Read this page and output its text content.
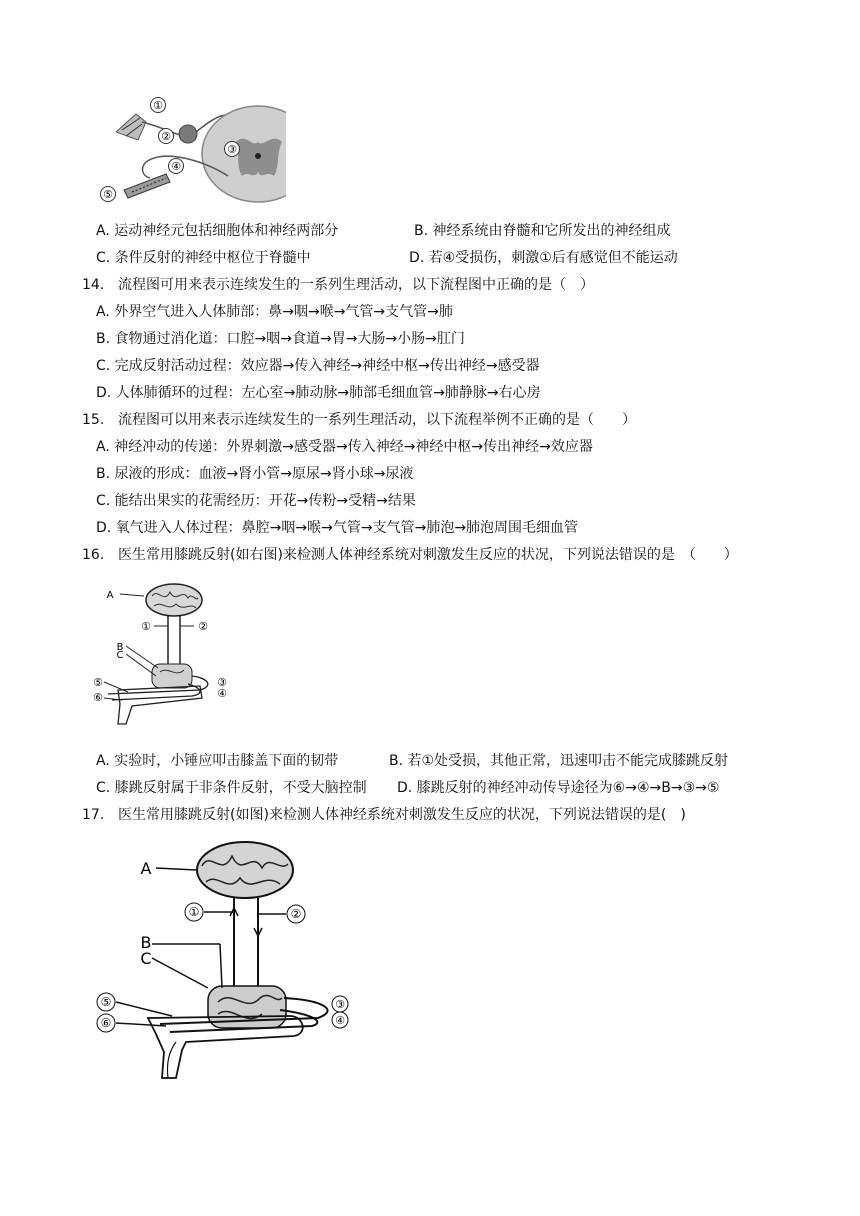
①
②
③
④
⑤
A. 运动神经元包括细胞体和神经两部分	B. 神经系统由脊髓和它所发出的神经组成
C. 条件反射的神经中枢位于脊髓中	D. 若④受损伤，刺激①后有感觉但不能运动
14. 流程图可用来表示连续发生的一系列生理活动，以下流程图中正确的是（　）
A. 外界空气进入人体肺部：鼻→咽→喉→气管→支气管→肺
B. 食物通过消化道：口腔→咽→食道→胃→大肠→小肠→肛门
C. 完成反射活动过程：效应器→传入神经→神经中枢→传出神经→感受器
D. 人体肺循环的过程：左心室→肺动脉→肺部毛细血管→肺静脉→右心房
15. 流程图可以用来表示连续发生的一系列生理活动，以下流程举例不正确的是（　　）
A. 神经冲动的传递：外界刺激→感受器→传入神经→神经中枢→传出神经→效应器
B. 尿液的形成：血液→肾小管→原尿→肾小球→尿液
C. 能结出果实的花需经历：开花→传粉→受精→结果
D. 氧气进入人体过程：鼻腔→咽→喉→气管→支气管→肺泡→肺泡周围毛细血管
16. 医生常用膝跳反射(如右图)来检测人体神经系统对刺激发生反应的状况，下列说法错误的是　（　　）
A
①	②
B
C
③
④
⑤
⑥
A. 实验时，小锤应叩击膝盖下面的韧带	B. 若①处受损，其他正常，迅速叩击不能完成膝跳反射
C. 膝跳反射属于非条件反射，不受大脑控制 D. 膝跳反射的神经冲动传导途径为⑥→④→B→③→⑤
17. 医生常用膝跳反射(如图)来检测人体神经系统对刺激发生反应的状况，下列说法错误的是(　)
A
①	②
B
C
③
④
⑤
⑥
